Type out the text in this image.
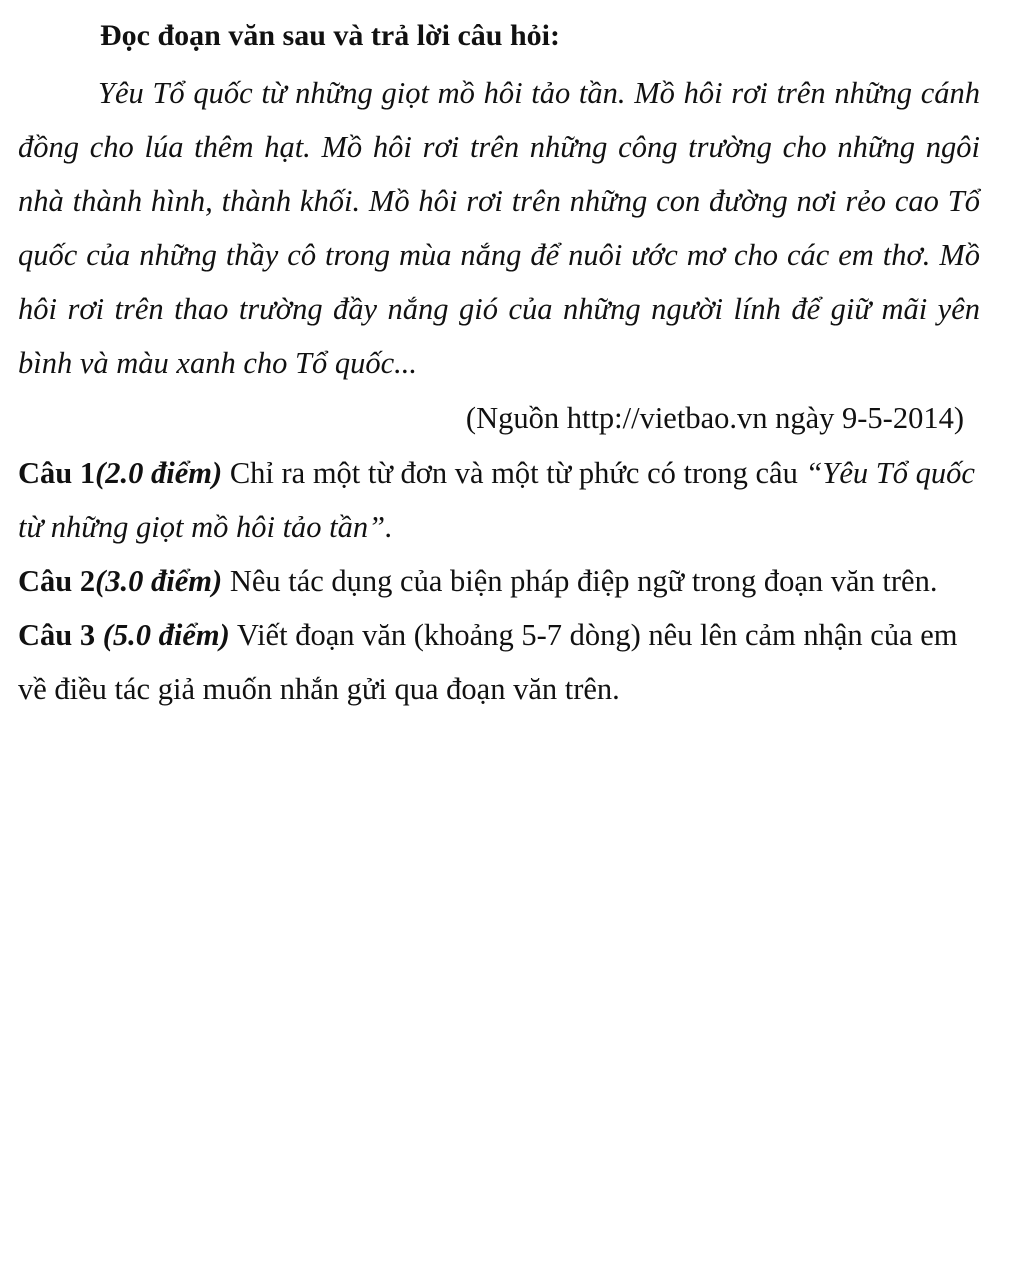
Đọc đoạn văn sau và trả lời câu hỏi:

Yêu Tổ quốc từ những giọt mồ hôi tảo tần. Mồ hôi rơi trên những cánh đồng cho lúa thêm hạt. Mồ hôi rơi trên những công trường cho những ngôi nhà thành hình, thành khối. Mồ hôi rơi trên những con đường nơi rẻo cao Tổ quốc của những thầy cô trong mùa nắng để nuôi ước mơ cho các em thơ. Mồ hôi rơi trên thao trường đầy nắng gió của những người lính để giữ mãi yên bình và màu xanh cho Tổ quốc...

(Nguồn http://vietbao.vn ngày 9-5-2014)

Câu 1(2.0 điểm) Chỉ ra một từ đơn và một từ phức có trong câu “Yêu Tổ quốc từ những giọt mồ hôi tảo tần”.

Câu 2(3.0 điểm) Nêu tác dụng của biện pháp điệp ngữ trong đoạn văn trên.

Câu 3 (5.0 điểm) Viết đoạn văn (khoảng 5-7 dòng) nêu lên cảm nhận của em về điều tác giả muốn nhắn gửi qua đoạn văn trên.
